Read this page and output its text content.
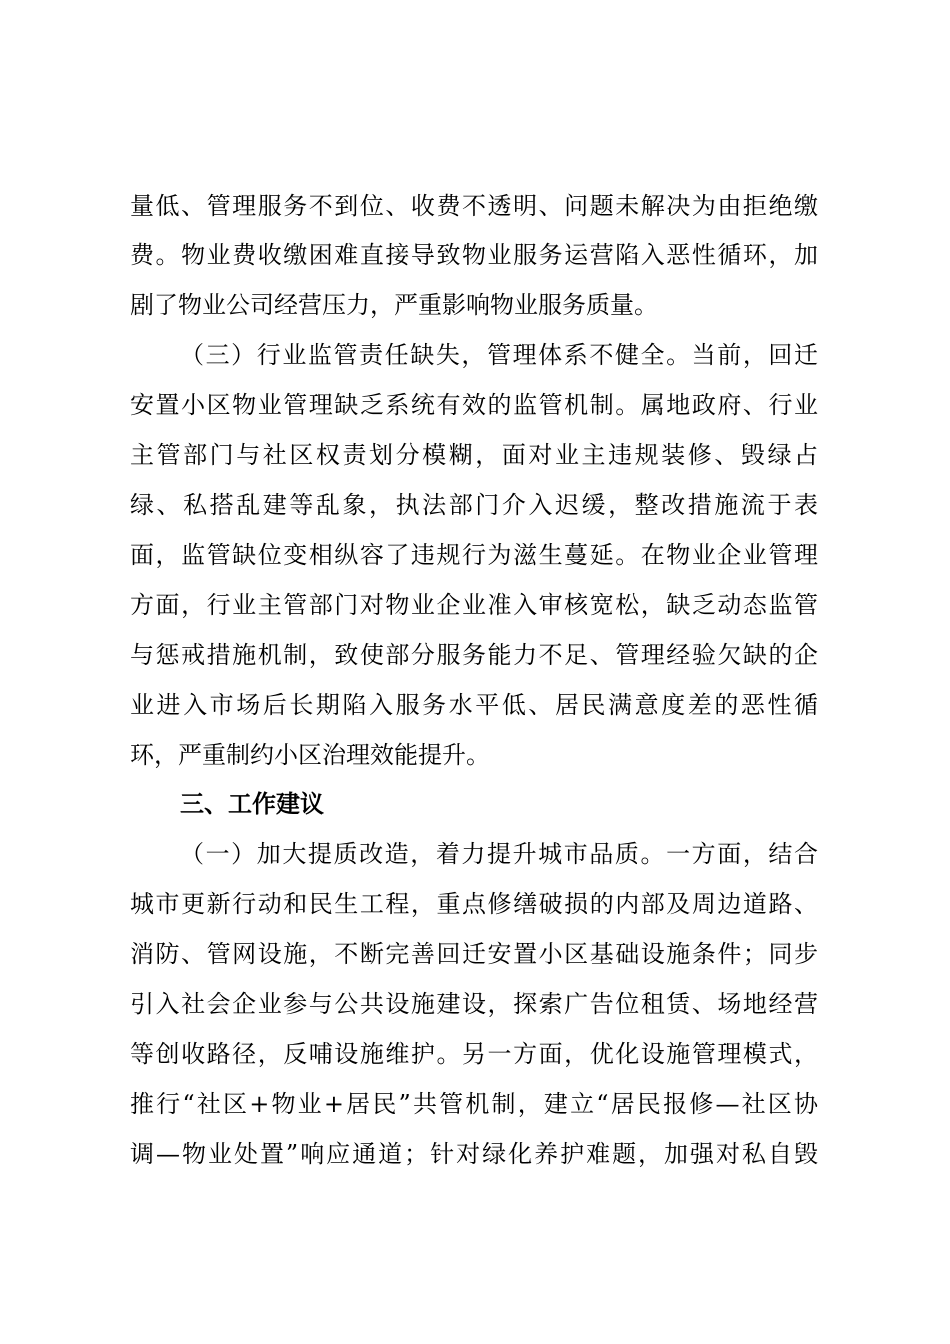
量低、管理服务不到位、收费不透明、问题未解决为由拒绝缴
费。物业费收缴困难直接导致物业服务运营陷入恶性循环，加
剧了物业公司经营压力，严重影响物业服务质量。
（三）行业监管责任缺失，管理体系不健全。当前，回迁
安置小区物业管理缺乏系统有效的监管机制。属地政府、行业
主管部门与社区权责划分模糊，面对业主违规装修、毁绿占
绿、私搭乱建等乱象，执法部门介入迟缓，整改措施流于表
面，监管缺位变相纵容了违规行为滋生蔓延。在物业企业管理
方面，行业主管部门对物业企业准入审核宽松，缺乏动态监管
与惩戒措施机制，致使部分服务能力不足、管理经验欠缺的企
业进入市场后长期陷入服务水平低、居民满意度差的恶性循
环，严重制约小区治理效能提升。
三、工作建议
（一）加大提质改造，着力提升城市品质。一方面，结合
城市更新行动和民生工程，重点修缮破损的内部及周边道路、
消防、管网设施，不断完善回迁安置小区基础设施条件；同步
引入社会企业参与公共设施建设，探索广告位租赁、场地经营
等创收路径，反哺设施维护。另一方面，优化设施管理模式，
推行“社区+物业+居民”共管机制，建立“居民报修—社区协
调—物业处置”响应通道；针对绿化养护难题，加强对私自毁
